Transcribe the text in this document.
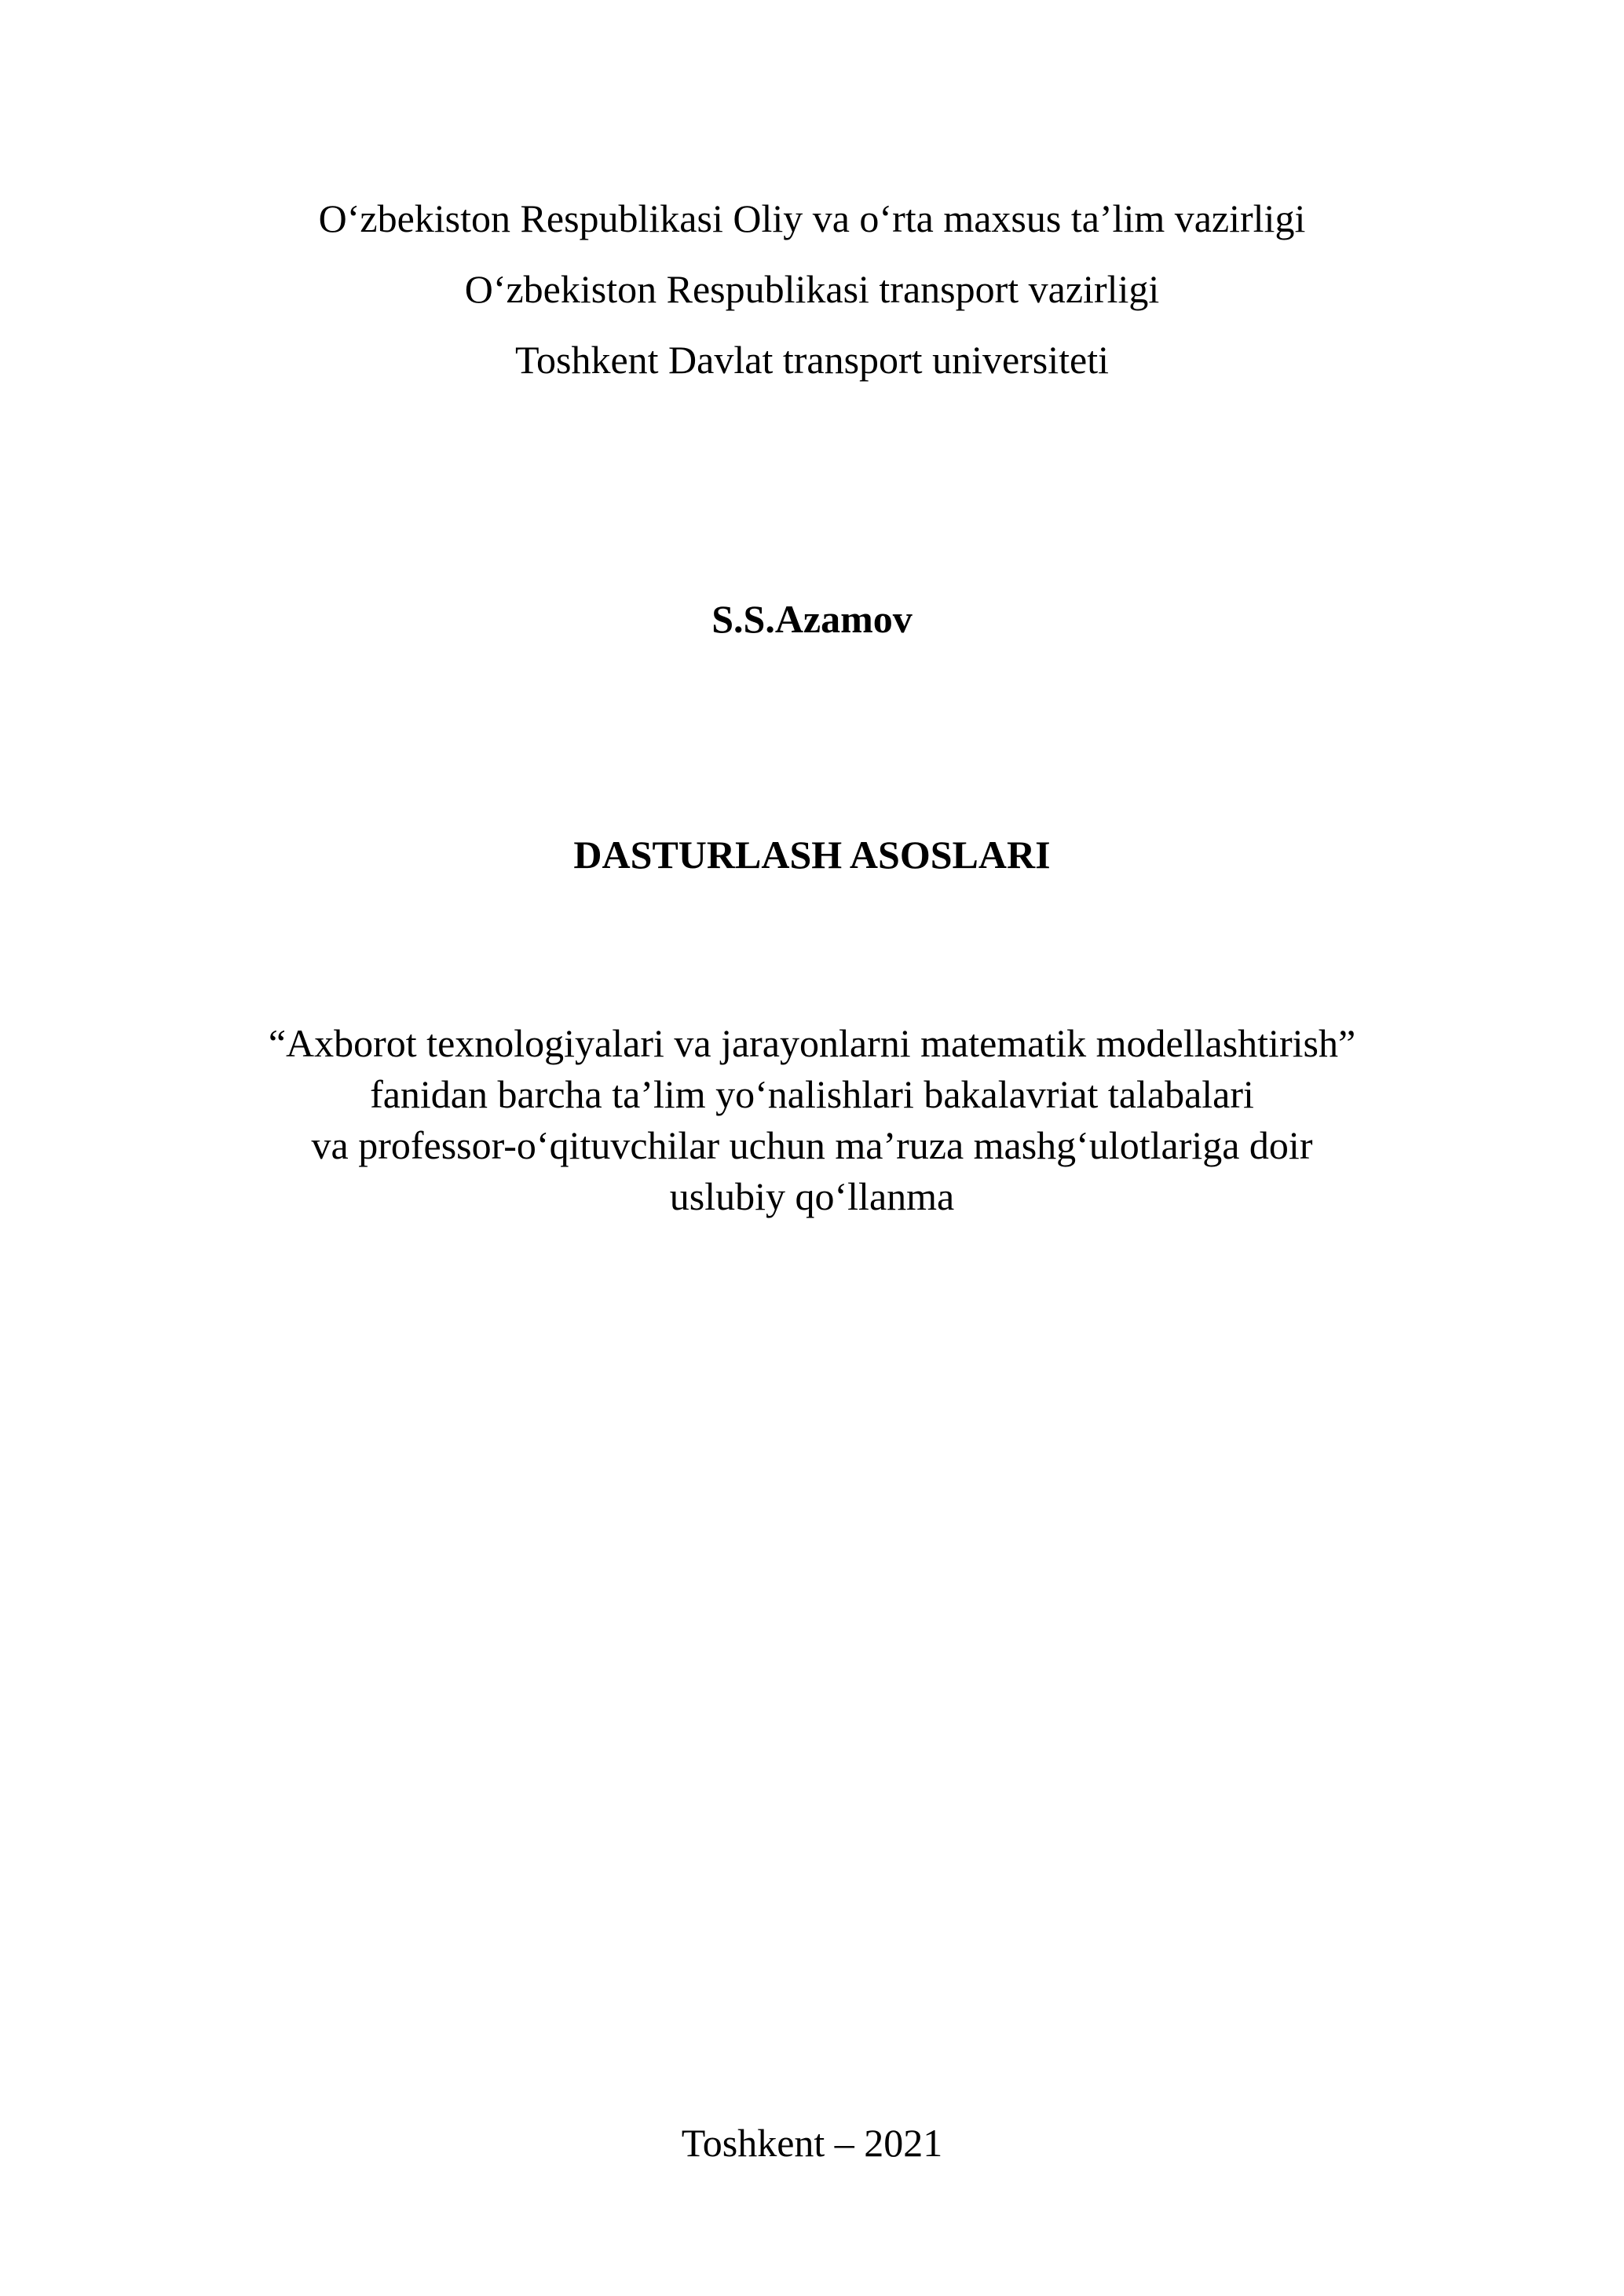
O‘zbekiston Respublikasi Oliy va o‘rta maxsus ta’lim vazirligi
O‘zbekiston Respublikasi transport vazirligi
Toshkent Davlat transport universiteti
S.S.Azamov
DASTURLASH ASOSLARI
“Axborot texnologiyalari va jarayonlarni matematik modellashtirish”
fanidan barcha ta’lim yo‘nalishlari bakalavriat talabalari
va professor-o‘qituvchilar uchun ma’ruza mashg‘ulotlariga doir
uslubiy qo‘llanma
Toshkent – 2021
